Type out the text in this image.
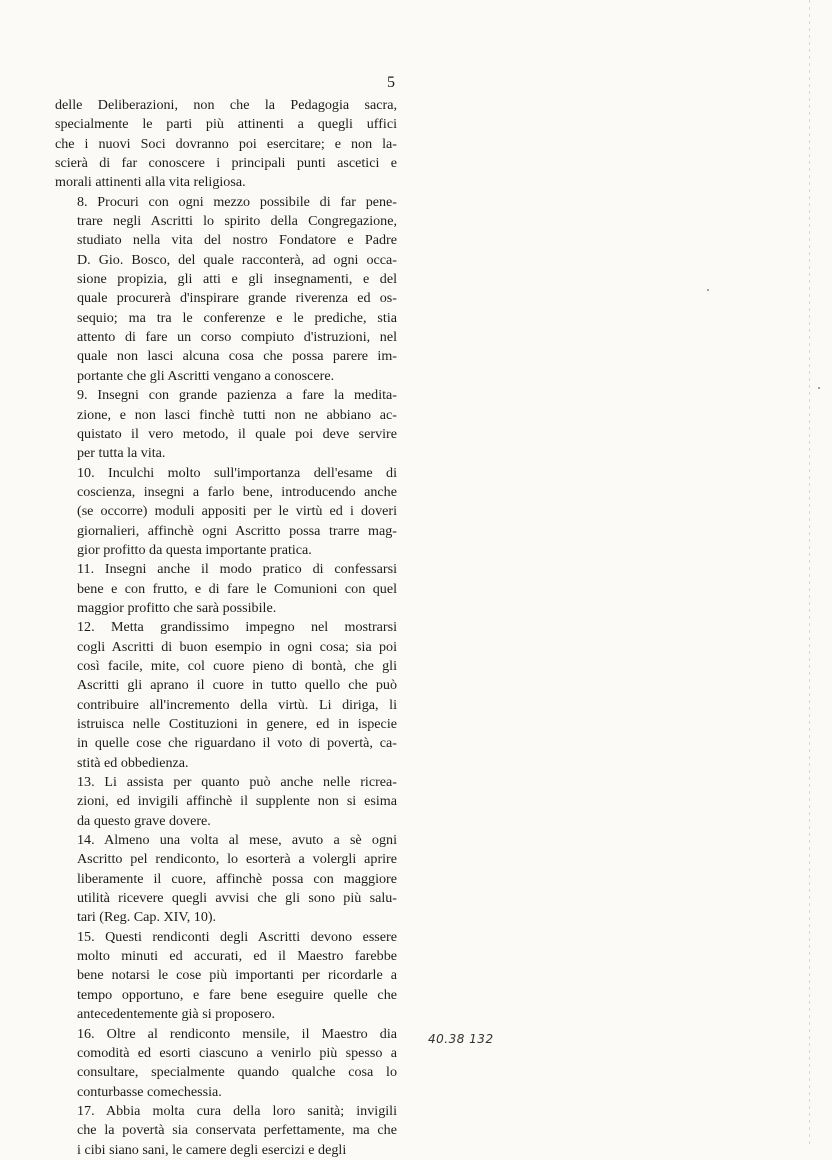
5
delle Deliberazioni, non che la Pedagogia sacra,
specialmente le parti più attinenti a quegli uffici
che i nuovi Soci dovranno poi esercitare; e non la-
scierà di far conoscere i principali punti ascetici e
morali attinenti alla vita religiosa.
8. Procuri con ogni mezzo possibile di far pene-
trare negli Ascritti lo spirito della Congregazione,
studiato nella vita del nostro Fondatore e Padre
D. Gio. Bosco, del quale racconterà, ad ogni occa-
sione propizia, gli atti e gli insegnamenti, e del
quale procurerà d'inspirare grande riverenza ed os-
sequio; ma tra le conferenze e le prediche, stia
attento di fare un corso compiuto d'istruzioni, nel
quale non lasci alcuna cosa che possa parere im-
portante che gli Ascritti vengano a conoscere.
9. Insegni con grande pazienza a fare la medita-
zione, e non lasci finchè tutti non ne abbiano ac-
quistato il vero metodo, il quale poi deve servire
per tutta la vita.
10. Inculchi molto sull'importanza dell'esame di
coscienza, insegni a farlo bene, introducendo anche
(se occorre) moduli appositi per le virtù ed i doveri
giornalieri, affinchè ogni Ascritto possa trarre mag-
gior profitto da questa importante pratica.
11. Insegni anche il modo pratico di confessarsi
bene e con frutto, e di fare le Comunioni con quel
maggior profitto che sarà possibile.
12. Metta grandissimo impegno nel mostrarsi
cogli Ascritti di buon esempio in ogni cosa; sia poi
così facile, mite, col cuore pieno di bontà, che gli
Ascritti gli aprano il cuore in tutto quello che può
contribuire all'incremento della virtù. Li diriga, li
istruisca nelle Costituzioni in genere, ed in ispecie
in quelle cose che riguardano il voto di povertà, ca-
stità ed obbedienza.
13. Li assista per quanto può anche nelle ricrea-
zioni, ed invigili affinchè il supplente non si esima
da questo grave dovere.
14. Almeno una volta al mese, avuto a sè ogni
Ascritto pel rendiconto, lo esorterà a volergli aprire
liberamente il cuore, affinchè possa con maggiore
utilità ricevere quegli avvisi che gli sono più salu-
tari (Reg. Cap. XIV, 10).
15. Questi rendiconti degli Ascritti devono essere
molto minuti ed accurati, ed il Maestro farebbe
bene notarsi le cose più importanti per ricordarle a
tempo opportuno, e fare bene eseguire quelle che
antecedentemente già si proposero.
16. Oltre al rendiconto mensile, il Maestro dia
comodità ed esorti ciascuno a venirlo più spesso a
consultare, specialmente quando qualche cosa lo
conturbasse comechessia.
17. Abbia molta cura della loro sanità; invigili
che la povertà sia conservata perfettamente, ma che
i cibi siano sani, le camere degli esercizi e degli
40.38 132
